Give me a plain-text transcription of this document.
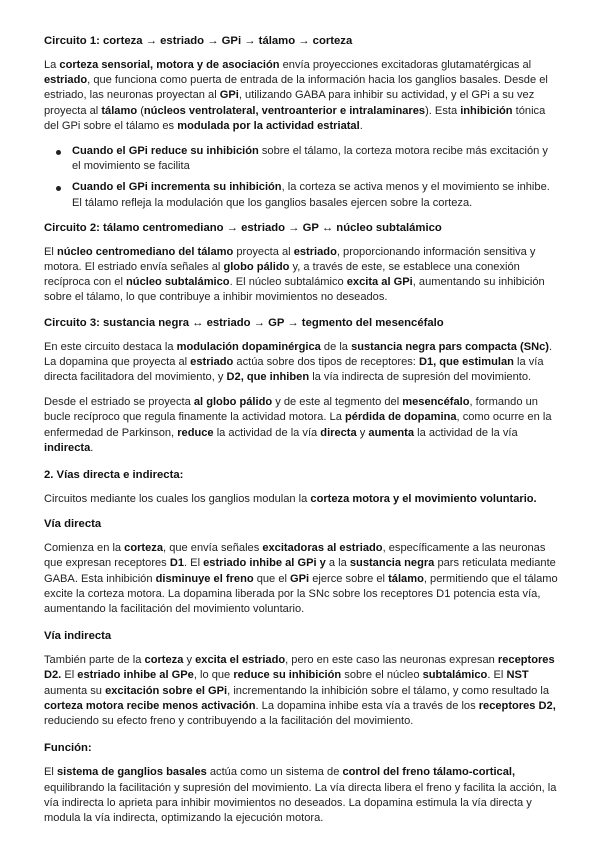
Circuito 1: corteza → estriado → GPi → tálamo → corteza

La corteza sensorial, motora y de asociación envía proyecciones excitadoras glutamatérgicas al estriado, que funciona como puerta de entrada de la información hacia los ganglios basales. Desde el estriado, las neuronas proyectan al GPi, utilizando GABA para inhibir su actividad, y el GPi a su vez proyecta al tálamo (núcleos ventrolateral, ventroanterior e intralaminares). Esta inhibición tónica del GPi sobre el tálamo es modulada por la actividad estriatal.

Cuando el GPi reduce su inhibición sobre el tálamo, la corteza motora recibe más excitación y el movimiento se facilita
Cuando el GPi incrementa su inhibición, la corteza se activa menos y el movimiento se inhibe. El tálamo refleja la modulación que los ganglios basales ejercen sobre la corteza.
Circuito 2: tálamo centromediano → estriado → GP ↔ núcleo subtalámico

El núcleo centromediano del tálamo proyecta al estriado, proporcionando información sensitiva y motora. El estriado envía señales al globo pálido y, a través de este, se establece una conexión recíproca con el núcleo subtalámico. El núcleo subtalámico excita al GPi, aumentando su inhibición sobre el tálamo, lo que contribuye a inhibir movimientos no deseados.

Circuito 3: sustancia negra ↔ estriado → GP → tegmento del mesencéfalo

En este circuito destaca la modulación dopaminérgica de la sustancia negra pars compacta (SNc). La dopamina que proyecta al estriado actúa sobre dos tipos de receptores: D1, que estimulan la vía directa facilitadora del movimiento, y D2, que inhiben la vía indirecta de supresión del movimiento.

Desde el estriado se proyecta al globo pálido y de este al tegmento del mesencéfalo, formando un bucle recíproco que regula finamente la actividad motora. La pérdida de dopamina, como ocurre en la enfermedad de Parkinson, reduce la actividad de la vía directa y aumenta la actividad de la vía indirecta.

2. Vías directa e indirecta:

Circuitos mediante los cuales los ganglios modulan la corteza motora y el movimiento voluntario.

Vía directa

Comienza en la corteza, que envía señales excitadoras al estriado, específicamente a las neuronas que expresan receptores D1. El estriado inhibe al GPi y a la sustancia negra pars reticulata mediante GABA. Esta inhibición disminuye el freno que el GPi ejerce sobre el tálamo, permitiendo que el tálamo excite la corteza motora. La dopamina liberada por la SNc sobre los receptores D1 potencia esta vía, aumentando la facilitación del movimiento voluntario.

Vía indirecta

También parte de la corteza y excita el estriado, pero en este caso las neuronas expresan receptores D2. El estriado inhibe al GPe, lo que reduce su inhibición sobre el núcleo subtalámico. El NST aumenta su excitación sobre el GPi, incrementando la inhibición sobre el tálamo, y como resultado la corteza motora recibe menos activación. La dopamina inhibe esta vía a través de los receptores D2, reduciendo su efecto freno y contribuyendo a la facilitación del movimiento.

Función:

El sistema de ganglios basales actúa como un sistema de control del freno tálamo-cortical, equilibrando la facilitación y supresión del movimiento. La vía directa libera el freno y facilita la acción, la vía indirecta lo aprieta para inhibir movimientos no deseados. La dopamina estimula la vía directa y modula la vía indirecta, optimizando la ejecución motora.
